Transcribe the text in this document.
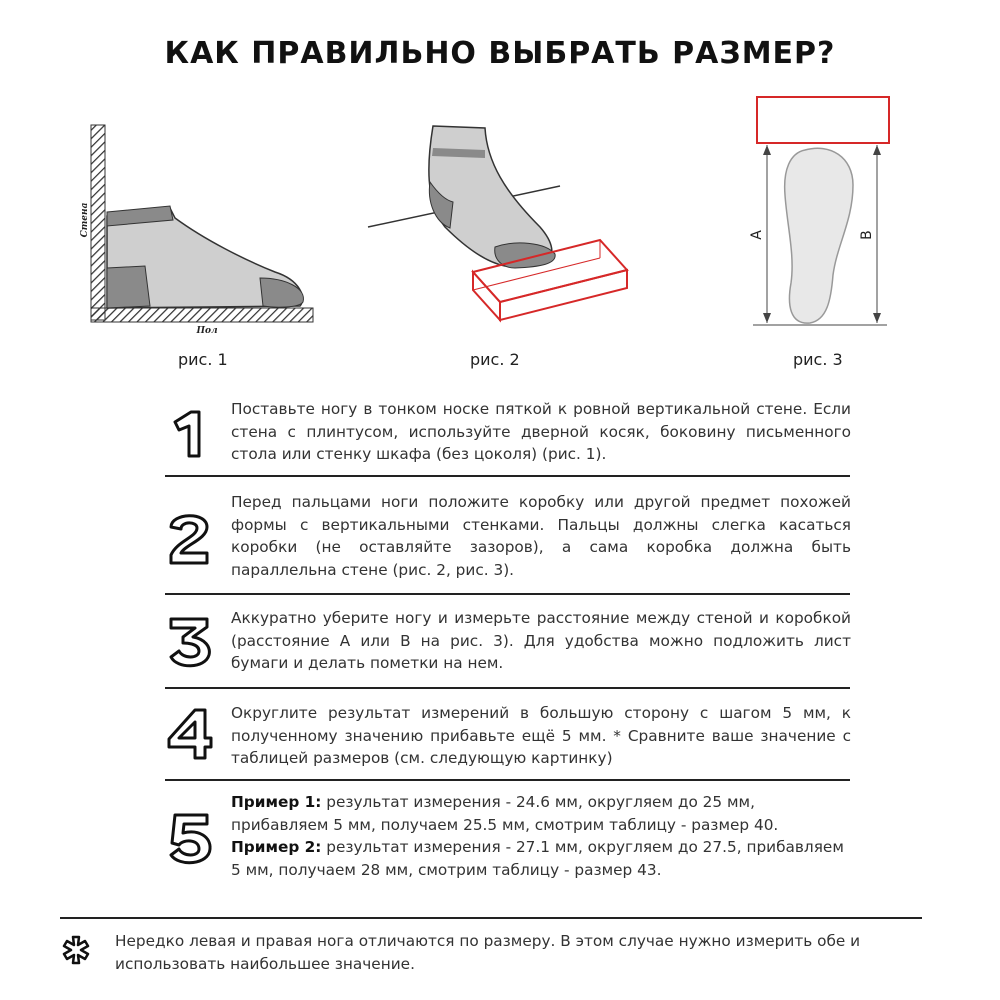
КАК ПРАВИЛЬНО ВЫБРАТЬ РАЗМЕР?
Стена
Пол
рис. 1	рис. 2
A	B
рис. 3
Поставьте ногу в тонком носке пяткой к ровной вертикальной стене. Если стена с плинтусом, используйте дверной косяк, боковину письменного стола или стенку шкафа (без цоколя) (рис. 1).
Перед пальцами ноги положите коробку или другой предмет похожей формы с вертикальными стенками. Пальцы должны слегка касаться коробки (не оставляйте зазоров), а сама коробка должна быть параллельна стене (рис. 2, рис. 3).
Аккуратно уберите ногу и измерьте расстояние между стеной и коробкой (расстояние А или В на рис. 3). Для удобства можно подложить лист бумаги и делать пометки на нем.
Округлите результат измерений в большую сторону с шагом 5 мм, к полученному значению прибавьте ещё 5 мм. * Сравните ваше значение с таблицей размеров (см. следующую картинку)
Пример 1: результат измерения - 24.6 мм, округляем до 25 мм, прибавляем 5 мм, получаем 25.5 мм, смотрим таблицу - размер 40.
Пример 2: результат измерения - 27.1 мм, округляем до 27.5, прибавляем 5 мм, получаем 28 мм, смотрим таблицу - размер 43.
Нередко левая и правая нога отличаются по размеру. В этом случае нужно измерить обе и использовать наибольшее значение.
